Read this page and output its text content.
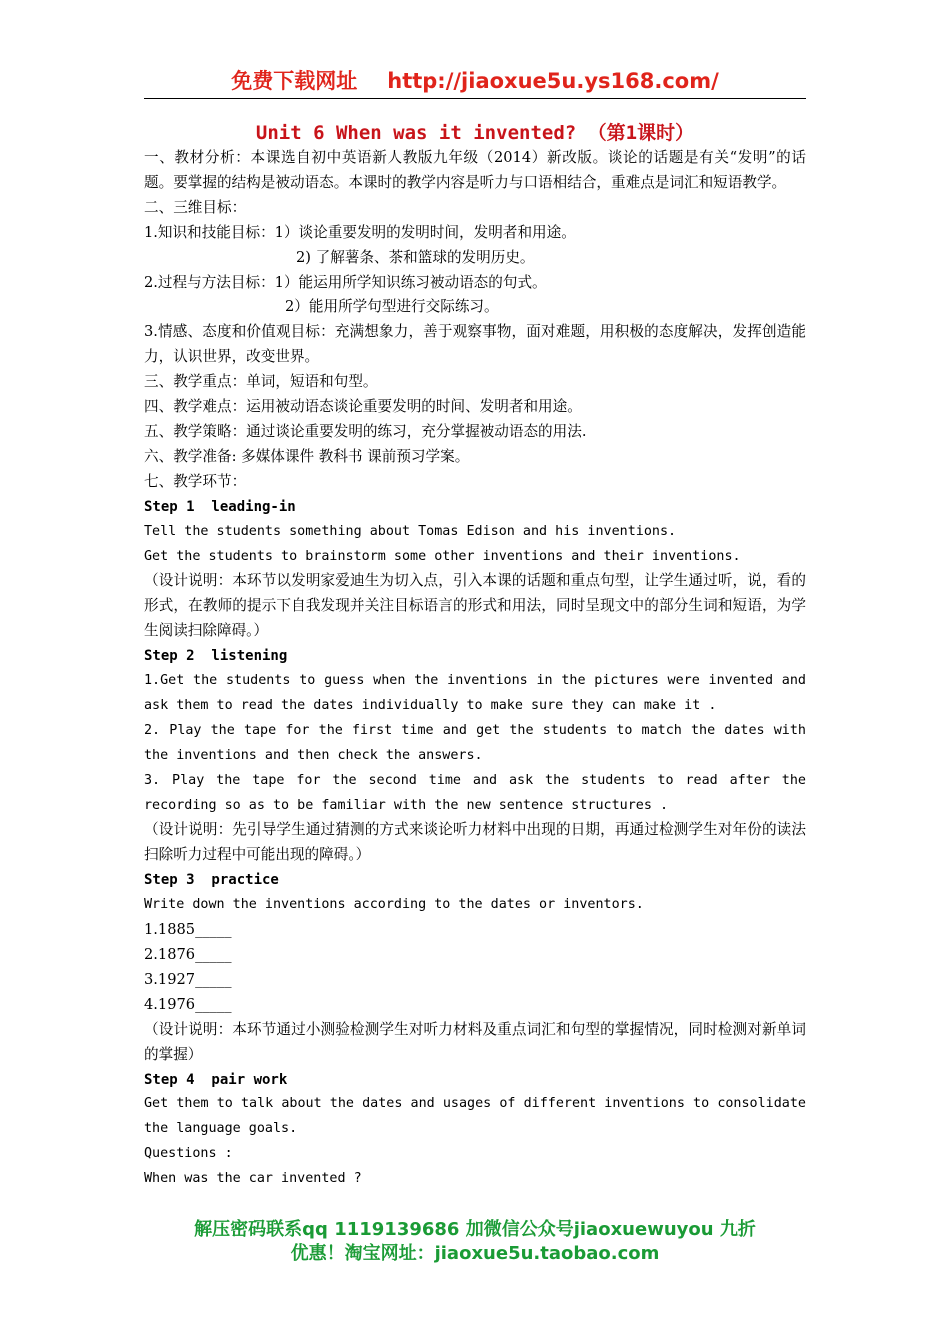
免费下载网址 http://jiaoxue5u.ys168.com/
Unit 6 When was it invented? （第1课时）

一、教材分析：本课选自初中英语新人教版九年级（2014）新改版。谈论的话题是有关“发明”的话题。要掌握的结构是被动语态。本课时的教学内容是听力与口语相结合，重难点是词汇和短语教学。

二、三维目标：

1.知识和技能目标：1）谈论重要发明的发明时间，发明者和用途。

2) 了解薯条、茶和篮球的发明历史。

2.过程与方法目标：1）能运用所学知识练习被动语态的句式。

2）能用所学句型进行交际练习。

3.情感、态度和价值观目标：充满想象力，善于观察事物，面对难题，用积极的态度解决，发挥创造能力，认识世界，改变世界。

三、教学重点：单词，短语和句型。

四、教学难点：运用被动语态谈论重要发明的时间、发明者和用途。

五、教学策略：通过谈论重要发明的练习，充分掌握被动语态的用法.

六、教学准备: 多媒体课件 教科书 课前预习学案。

七、教学环节：

Step 1  leading-in

Tell the students something about Tomas Edison and his inventions.

Get the students to brainstorm some other inventions and their inventions.

（设计说明：本环节以发明家爱迪生为切入点，引入本课的话题和重点句型，让学生通过听，说，看的形式，在教师的提示下自我发现并关注目标语言的形式和用法，同时呈现文中的部分生词和短语，为学生阅读扫除障碍。）

Step 2  listening

1.Get the students to guess when the inventions in the pictures were invented and ask them to read the dates individually to make sure they can make it .

2. Play the tape for the first time and get the students to match the dates with the inventions and then check the answers.

3. Play the tape for the second time and ask the students to read after the recording so as to be familiar with the new sentence structures .

（设计说明：先引导学生通过猜测的方式来谈论听力材料中出现的日期，再通过检测学生对年份的读法扫除听力过程中可能出现的障碍。）

Step 3  practice

Write down the inventions according to the dates or inventors.

1.1885_____

2.1876_____

3.1927_____

4.1976_____

（设计说明：本环节通过小测验检测学生对听力材料及重点词汇和句型的掌握情况，同时检测对新单词的掌握）

Step 4  pair work

Get them to talk about the dates and usages of different inventions to consolidate the language goals.

Questions :

When was the car invented ?

解压密码联系qq 1119139686 加微信公众号jiaoxuewuyou 九折
优惠！淘宝网址：jiaoxue5u.taobao.com
